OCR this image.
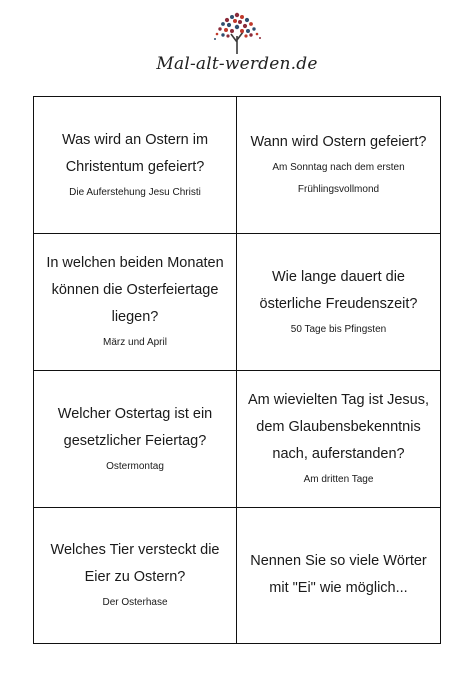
Mal-alt-werden.de
Was wird an Ostern im Christentum gefeiert?
Die Auferstehung Jesu Christi
Wann wird Ostern gefeiert?
Am Sonntag nach dem ersten Frühlingsvollmond
In welchen beiden Monaten können die Osterfeiertage liegen?
März und April
Wie lange dauert die österliche Freudenszeit?
50 Tage bis Pfingsten
Welcher Ostertag ist ein gesetzlicher Feiertag?
Ostermontag
Am wievielten Tag ist Jesus, dem Glaubensbekenntnis nach, auferstanden?
Am dritten Tage
Welches Tier versteckt die Eier zu Ostern?
Der Osterhase
Nennen Sie so viele Wörter mit "Ei" wie möglich...
